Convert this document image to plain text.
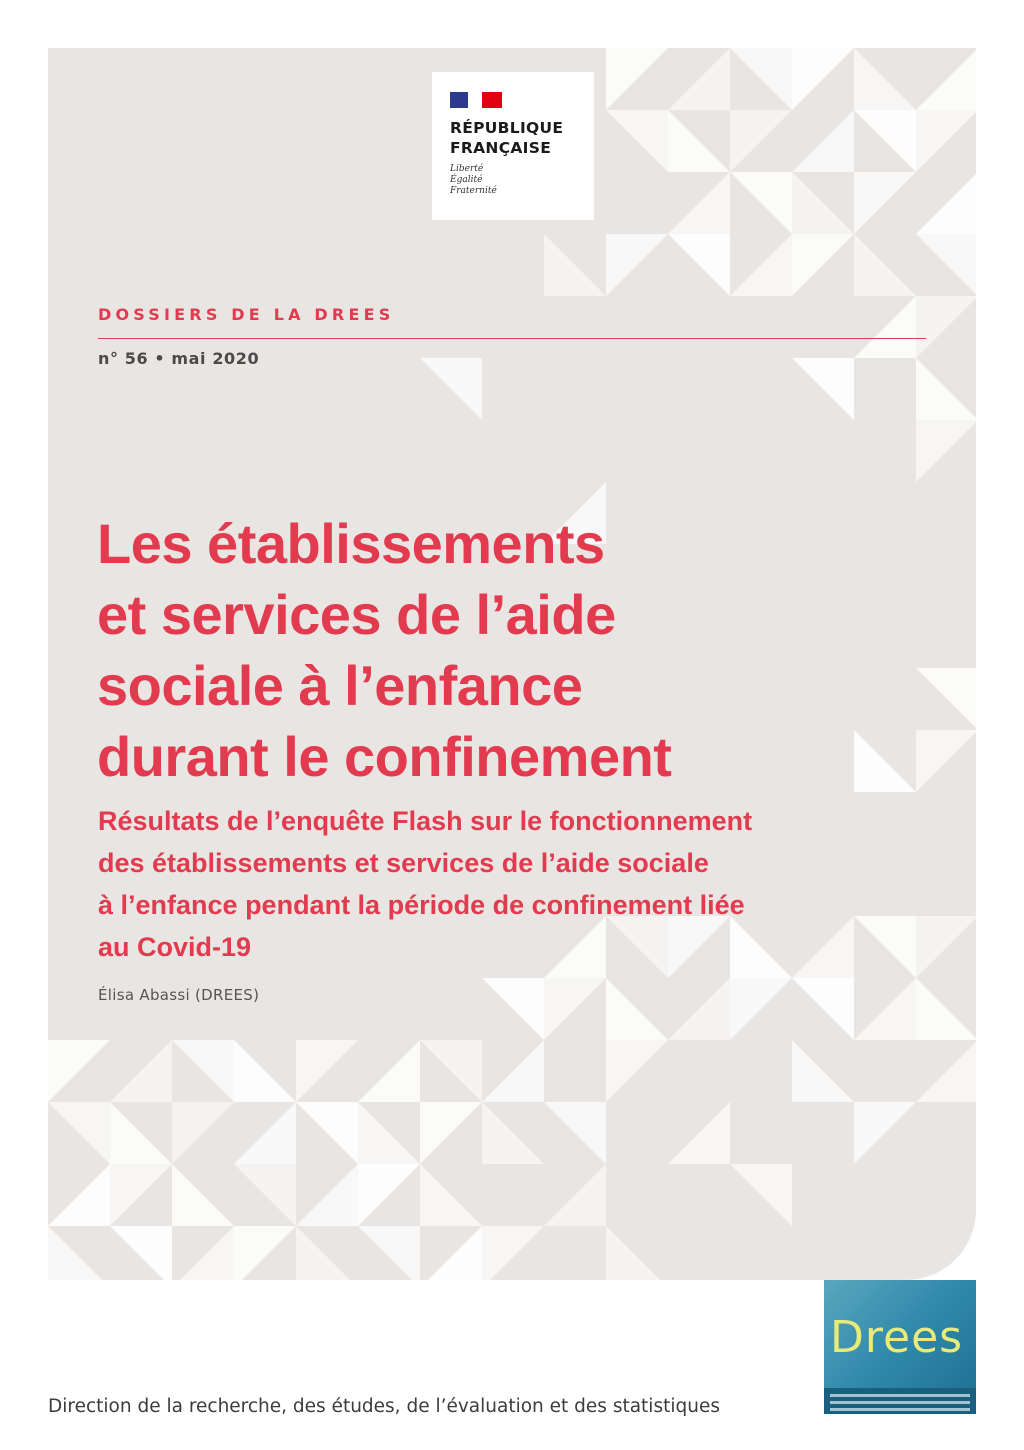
RÉPUBLIQUE
FRANÇAISE
Liberté
Égalité
Fraternité
DOSSIERS DE LA DREES
n° 56 • mai 2020
Les établissements
et services de l’aide
sociale à l’enfance
durant le confinement
Résultats de l’enquête Flash sur le fonctionnement
des établissements et services de l’aide sociale
à l’enfance pendant la période de confinement liée
au Covid-19
Élisa Abassi (DREES)
Drees
Direction de la recherche, des études, de l’évaluation et des statistiques
